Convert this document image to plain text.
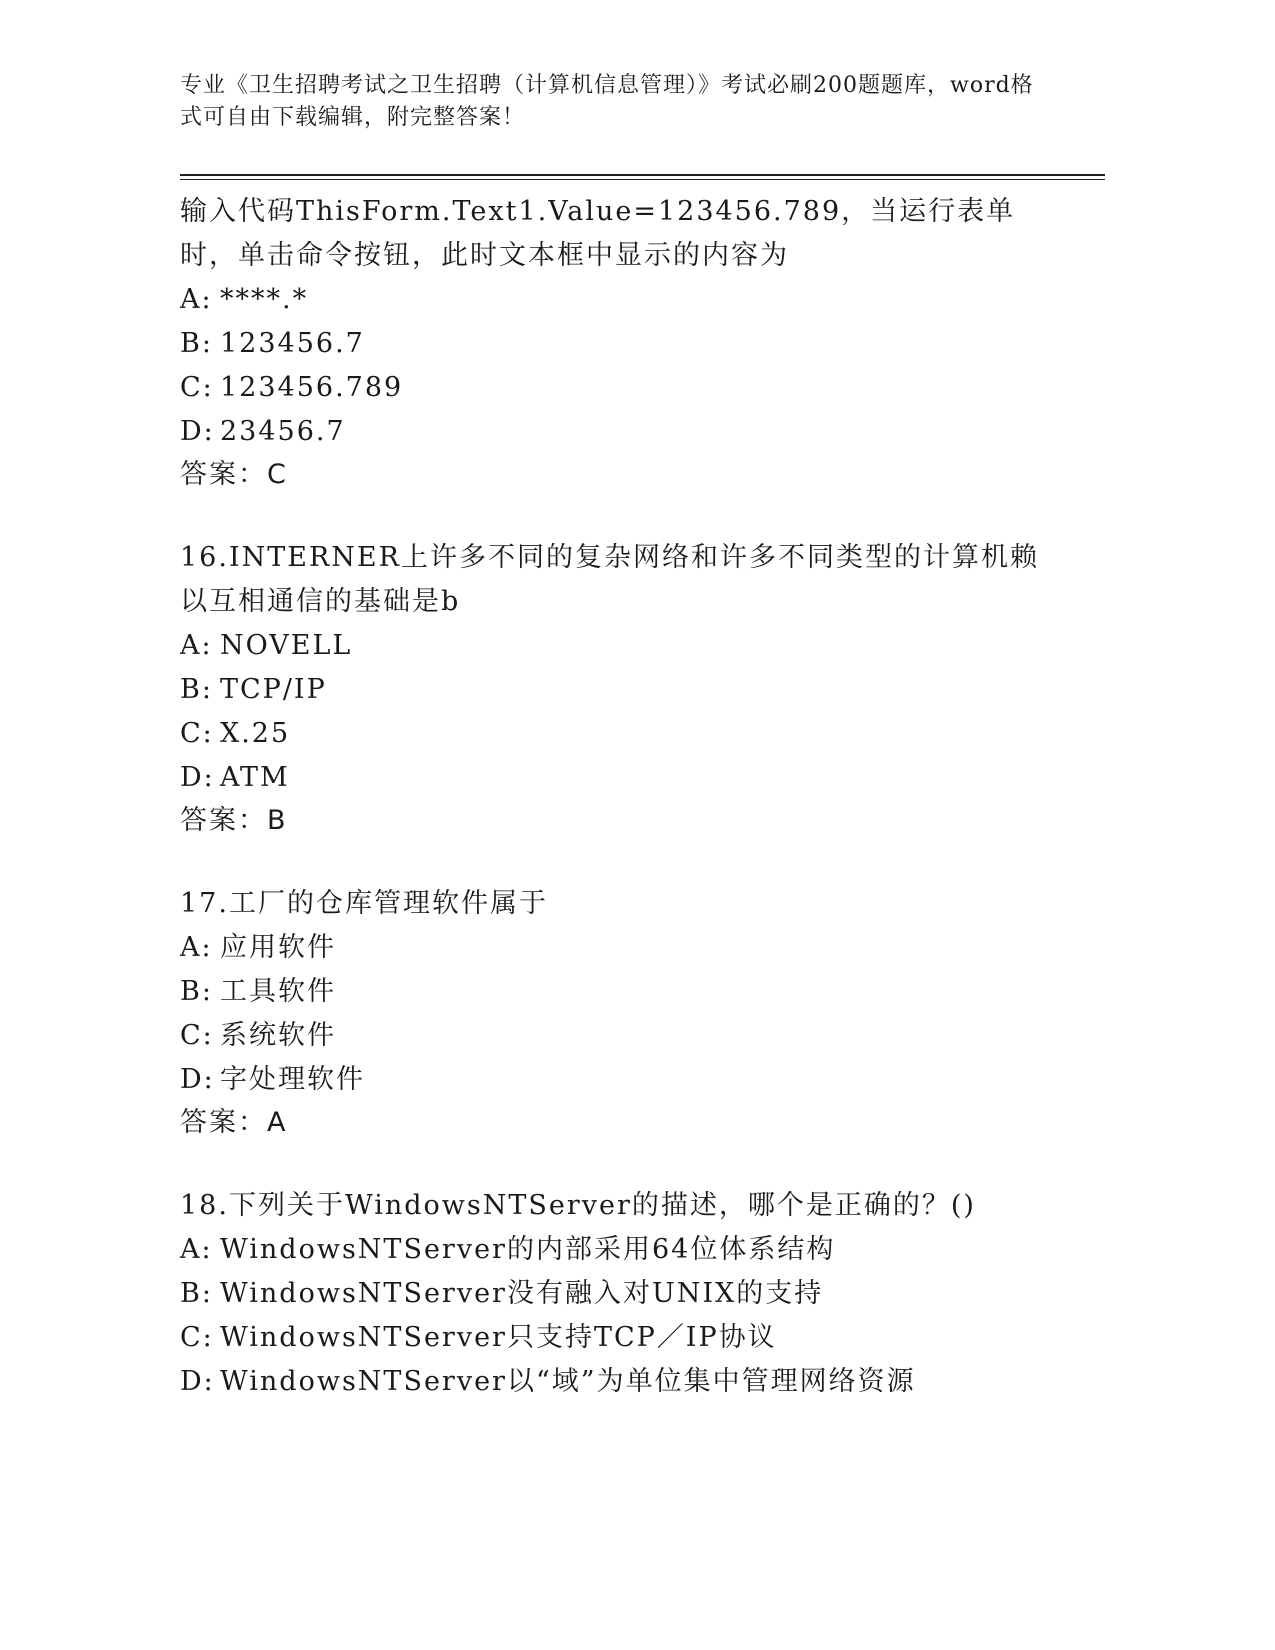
专业《卫生招聘考试之卫生招聘（计算机信息管理）》考试必刷200题题库，word格式可自由下载编辑，附完整答案！

输入代码ThisForm.Text1.Value=123456.789，当运行表单时，单击命令按钮，此时文本框中显示的内容为

A: ****.*

B: 123456.7

C: 123456.789

D: 23456.7

答案：C

16.INTERNER上许多不同的复杂网络和许多不同类型的计算机赖以互相通信的基础是b

A: NOVELL

B: TCP/IP

C: X.25

D: ATM

答案：B

17.工厂的仓库管理软件属于

A: 应用软件

B: 工具软件

C: 系统软件

D: 字处理软件

答案：A

18.下列关于WindowsNTServer的描述，哪个是正确的？()

A: WindowsNTServer的内部采用64位体系结构

B: WindowsNTServer没有融入对UNIX的支持

C: WindowsNTServer只支持TCP／IP协议

D: WindowsNTServer以“域”为单位集中管理网络资源
